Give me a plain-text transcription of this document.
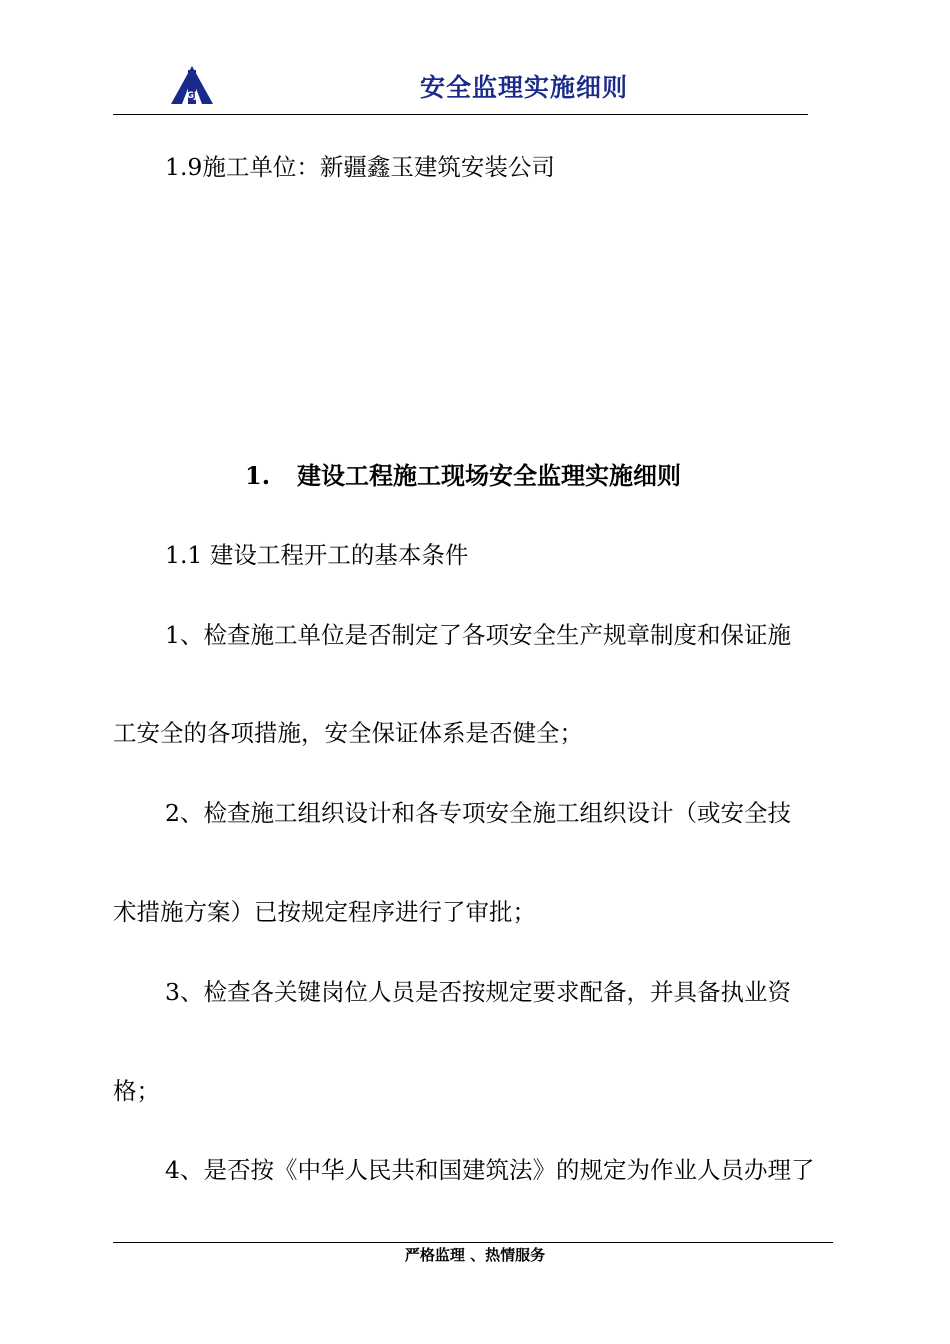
GJ	安全监理实施细则
1.9施工单位：新疆鑫玉建筑安装公司
1. 建设工程施工现场安全监理实施细则
1.1 建设工程开工的基本条件
1、检查施工单位是否制定了各项安全生产规章制度和保证施
工安全的各项措施，安全保证体系是否健全；
2、检查施工组织设计和各专项安全施工组织设计（或安全技
术措施方案）已按规定程序进行了审批；
3、检查各关键岗位人员是否按规定要求配备，并具备执业资
格；
4、是否按《中华人民共和国建筑法》的规定为作业人员办理了
严格监理 、热情服务
